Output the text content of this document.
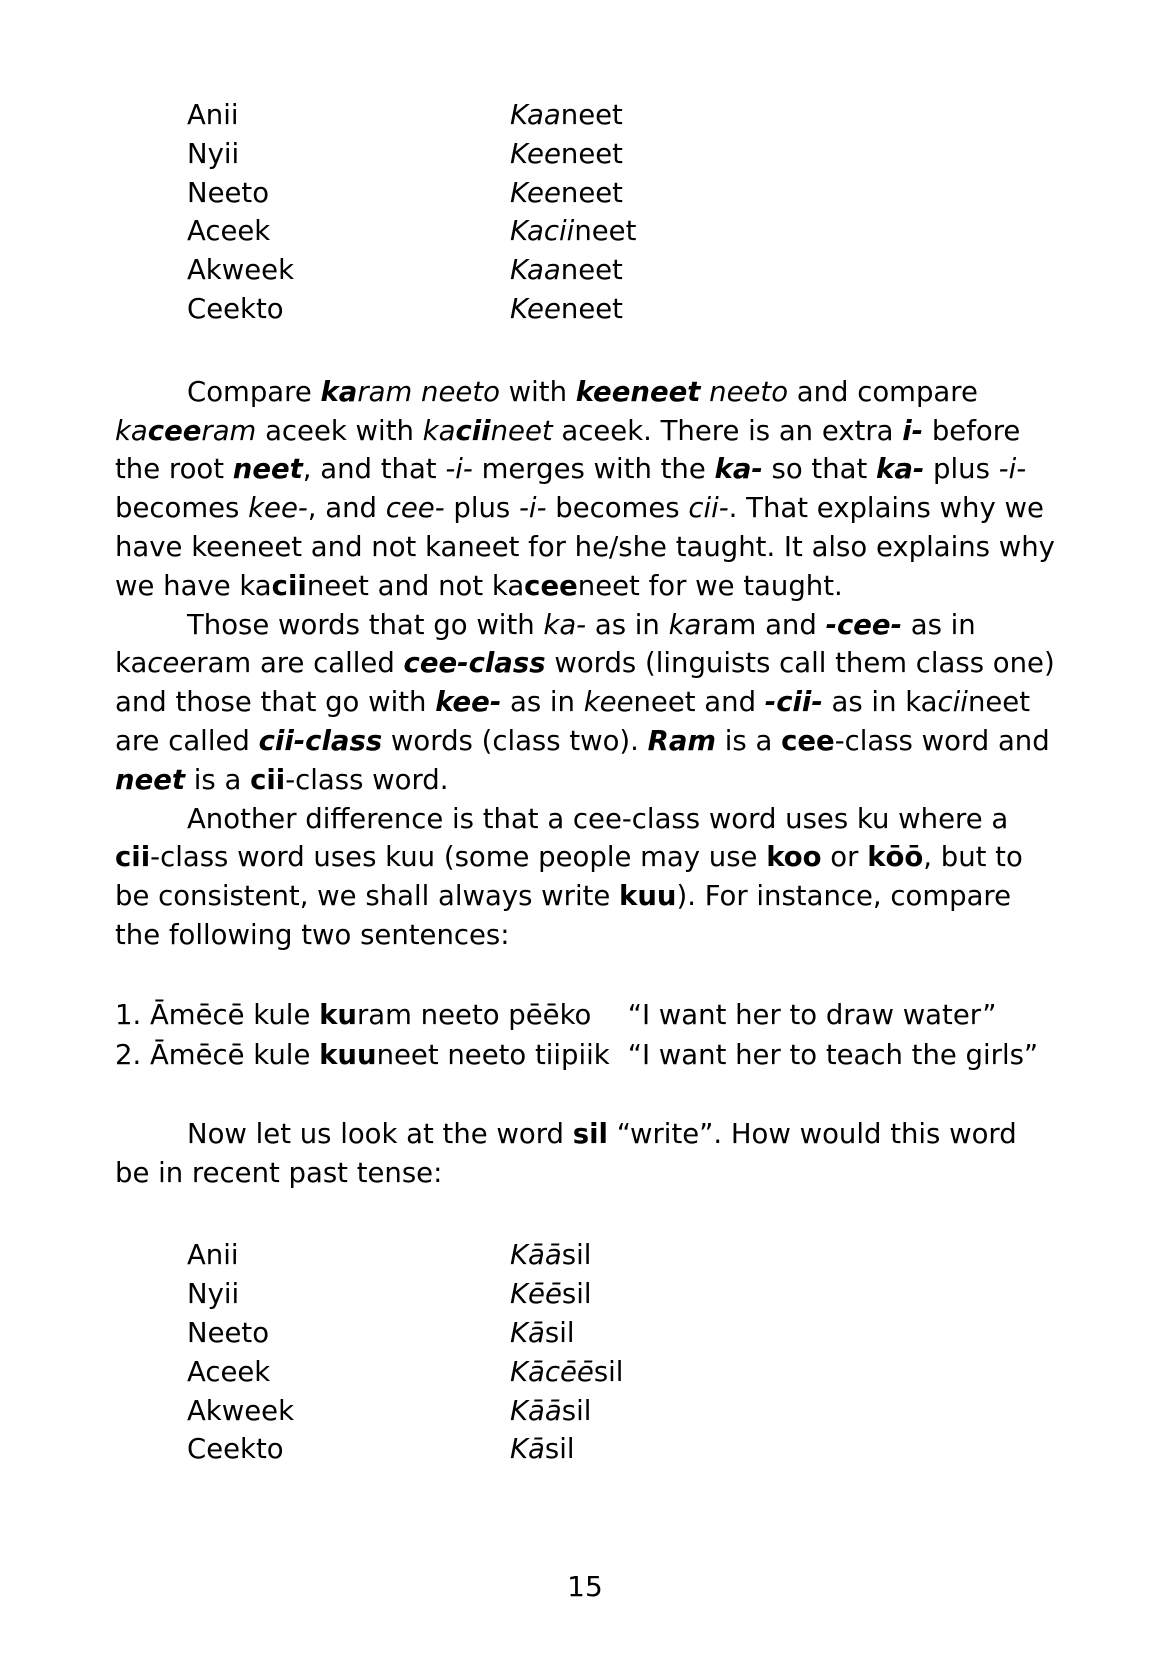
Anii	Kaaneet
Nyii	Keeneet
Neeto	Keeneet
Aceek	Kaciineet
Akweek	Kaaneet
Ceekto	Keeneet

Compare karam neeto with keeneet neeto and compare kaceeram aceek with kaciineet aceek. There is an extra i- before the root neet, and that -i- merges with the ka- so that ka- plus -i- becomes kee-, and cee- plus -i- becomes cii-. That explains why we have keeneet and not kaneet for he/she taught. It also explains why we have kaciineet and not kaceeneet for we taught.

Those words that go with ka- as in karam and -cee- as in kaceeram are called cee-class words (linguists call them class one) and those that go with kee- as in keeneet and -cii- as in kaciineet are called cii-class words (class two). Ram is a cee-class word and neet is a cii-class word.

Another difference is that a cee-class word uses ku where a cii-class word uses kuu (some people may use koo or kōō, but to be consistent, we shall always write kuu). For instance, compare the following two sentences:

1. Āmēcē kule kuram neeto pēēko	“I want her to draw water”
2. Āmēcē kule kuuneet neeto tiipiik	“I want her to teach the girls”

Now let us look at the word sil “write”. How would this word be in recent past tense:

Anii	Kāāsil
Nyii	Kēēsil
Neeto	Kāsil
Aceek	Kācēēsil
Akweek	Kāāsil
Ceekto	Kāsil
15
